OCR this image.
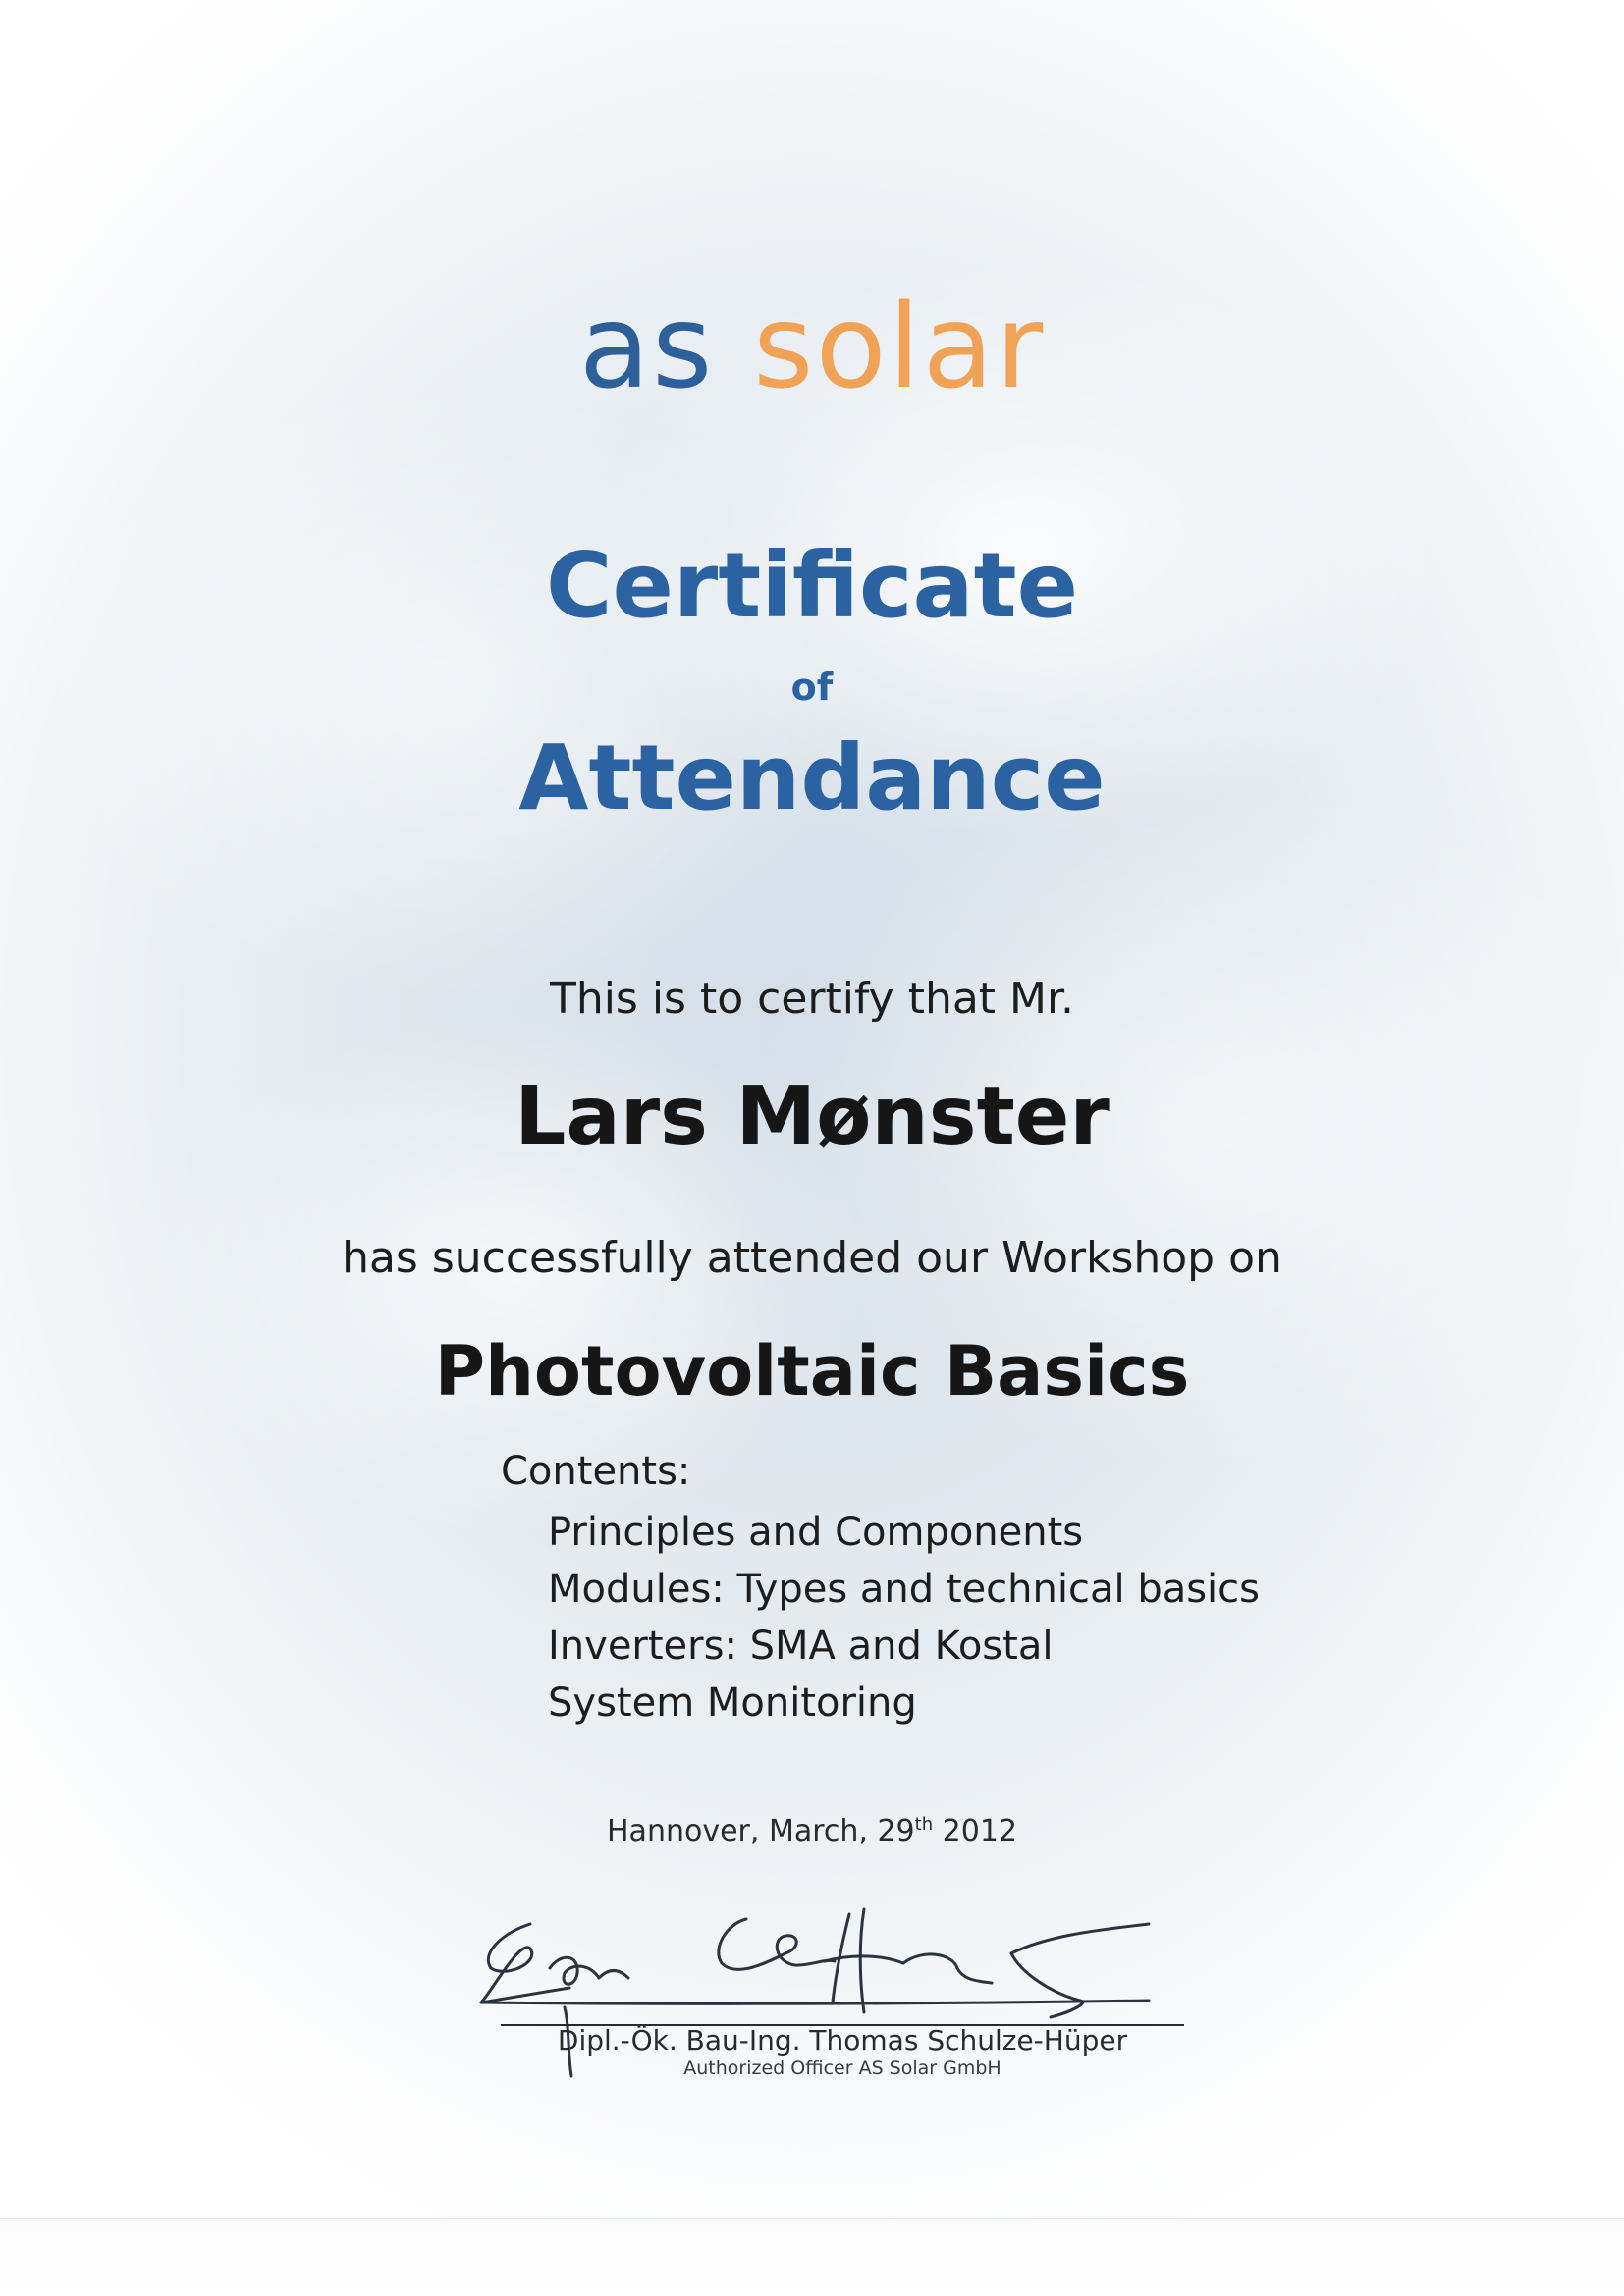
as solar
Certificate
of
Attendance
This is to certify that Mr.
Lars Mønster
has successfully attended our Workshop on
Photovoltaic Basics
Contents:
Principles and Components
Modules: Types and technical basics
Inverters: SMA and Kostal
System Monitoring
Hannover, March, 29th 2012
Dipl.-Ök. Bau-Ing. Thomas Schulze-Hüper
Authorized Officer AS Solar GmbH
